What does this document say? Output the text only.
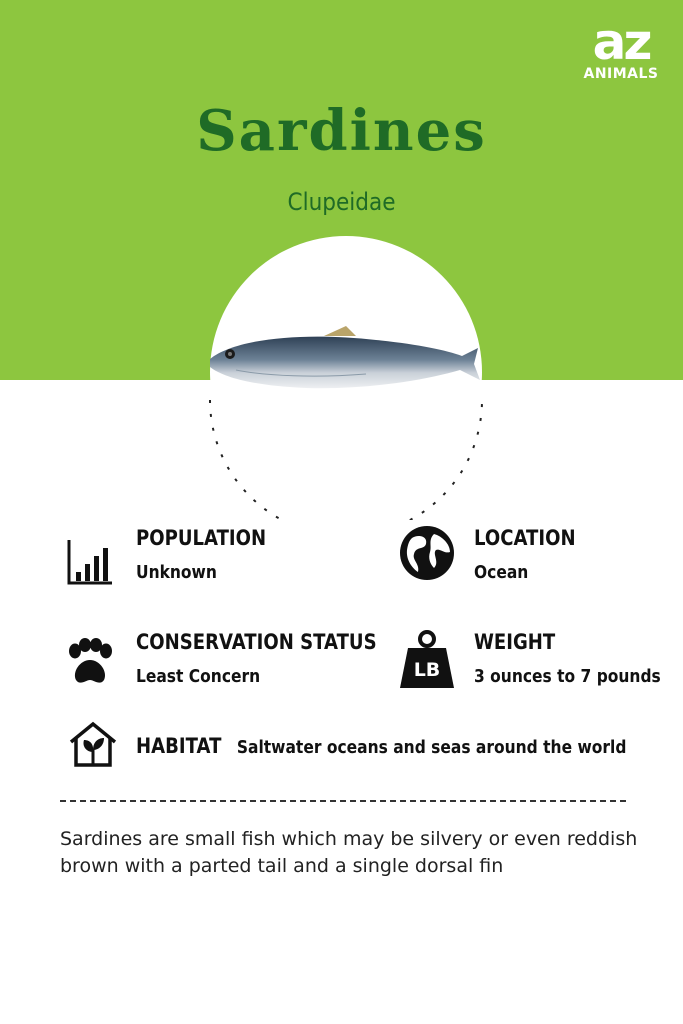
az
ANIMALS
Sardines
Clupeidae
POPULATION
Unknown
LOCATION
Ocean
CONSERVATION STATUS
Least Concern	LB
WEIGHT
3 ounces to 7 pounds
HABITAT Saltwater oceans and seas around the world
Sardines are small fish which may be silvery or even reddish brown with a parted tail and a single dorsal fin
